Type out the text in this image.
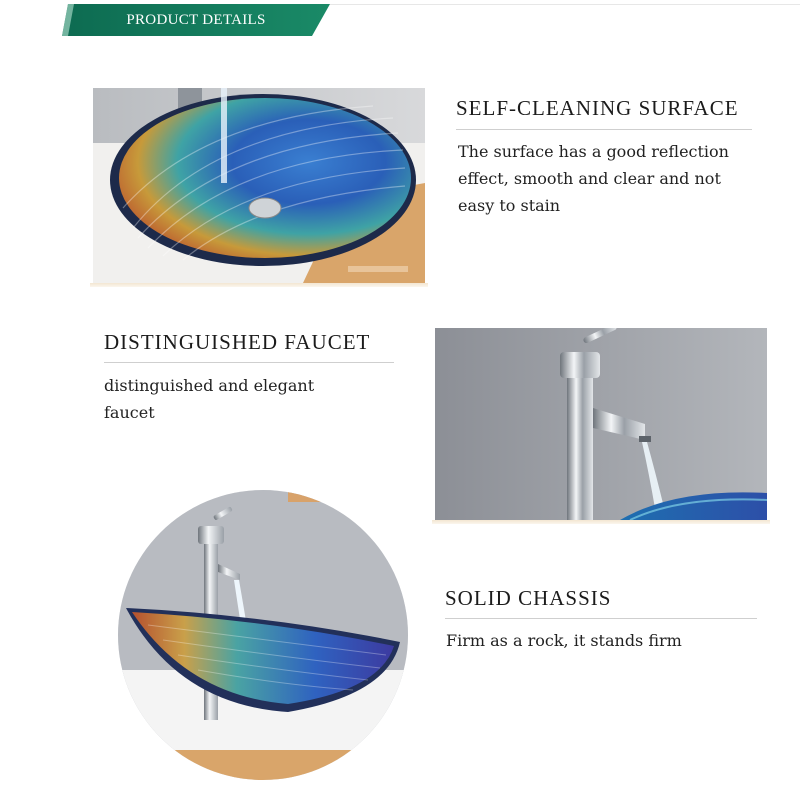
PRODUCT DETAILS
SELF-CLEANING SURFACE
The surface has a good reflection
effect, smooth and clear and not
easy to stain
DISTINGUISHED FAUCET
distinguished and elegant
faucet
SOLID CHASSIS
Firm as a rock, it stands firm
